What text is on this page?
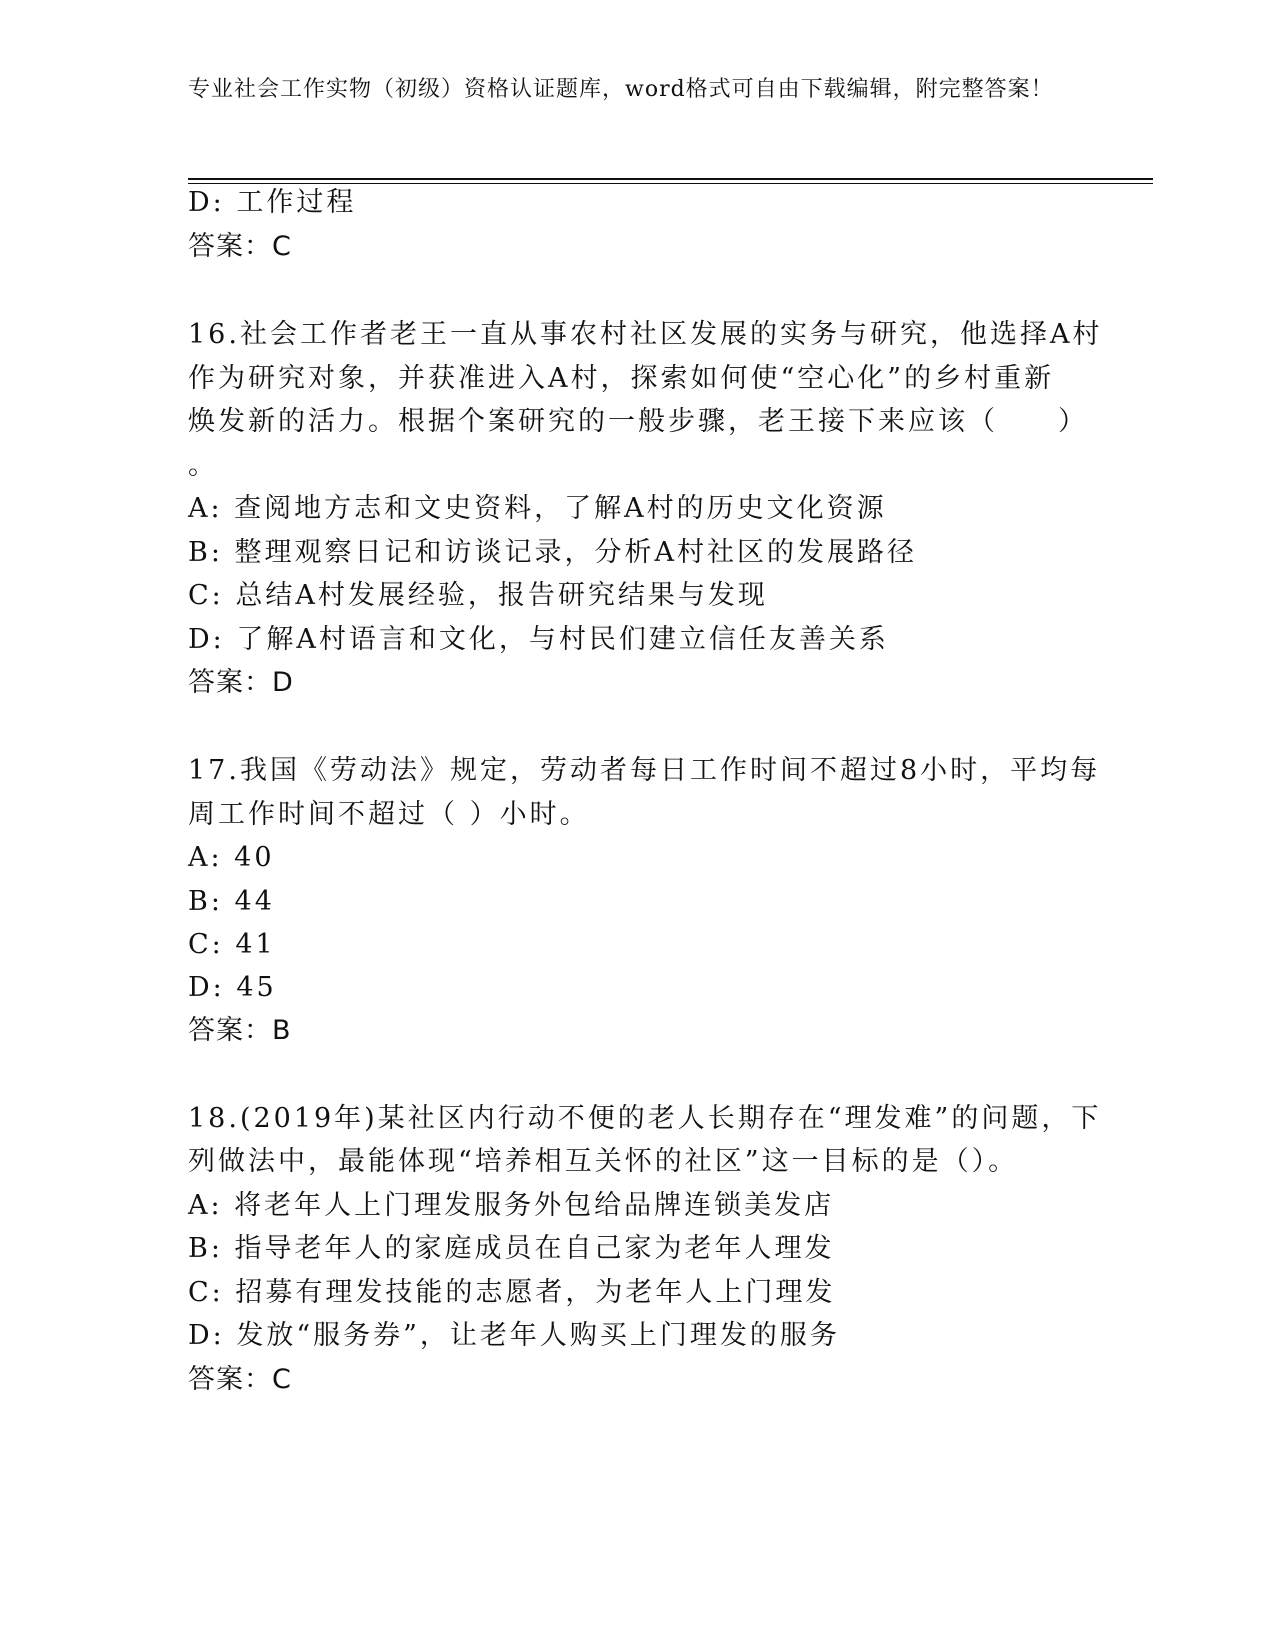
专业社会工作实物（初级）资格认证题库，word格式可自由下载编辑，附完整答案！
D: 工作过程
答案：C
16.社会工作者老王一直从事农村社区发展的实务与研究，他选择A村
作为研究对象，并获准进入A村，探索如何使“空心化”的乡村重新
焕发新的活力。根据个案研究的一般步骤，老王接下来应该（　　）
。
A: 查阅地方志和文史资料，了解A村的历史文化资源
B: 整理观察日记和访谈记录，分析A村社区的发展路径
C: 总结A村发展经验，报告研究结果与发现
D: 了解A村语言和文化，与村民们建立信任友善关系
答案：D
17.我国《劳动法》规定，劳动者每日工作时间不超过8小时，平均每
周工作时间不超过（ ）小时。
A: 40
B: 44
C: 41
D: 45
答案：B
18.(2019年)某社区内行动不便的老人长期存在“理发难”的问题，下
列做法中，最能体现“培养相互关怀的社区”这一目标的是（）。
A: 将老年人上门理发服务外包给品牌连锁美发店
B: 指导老年人的家庭成员在自己家为老年人理发
C: 招募有理发技能的志愿者，为老年人上门理发
D: 发放“服务券”，让老年人购买上门理发的服务
答案：C
